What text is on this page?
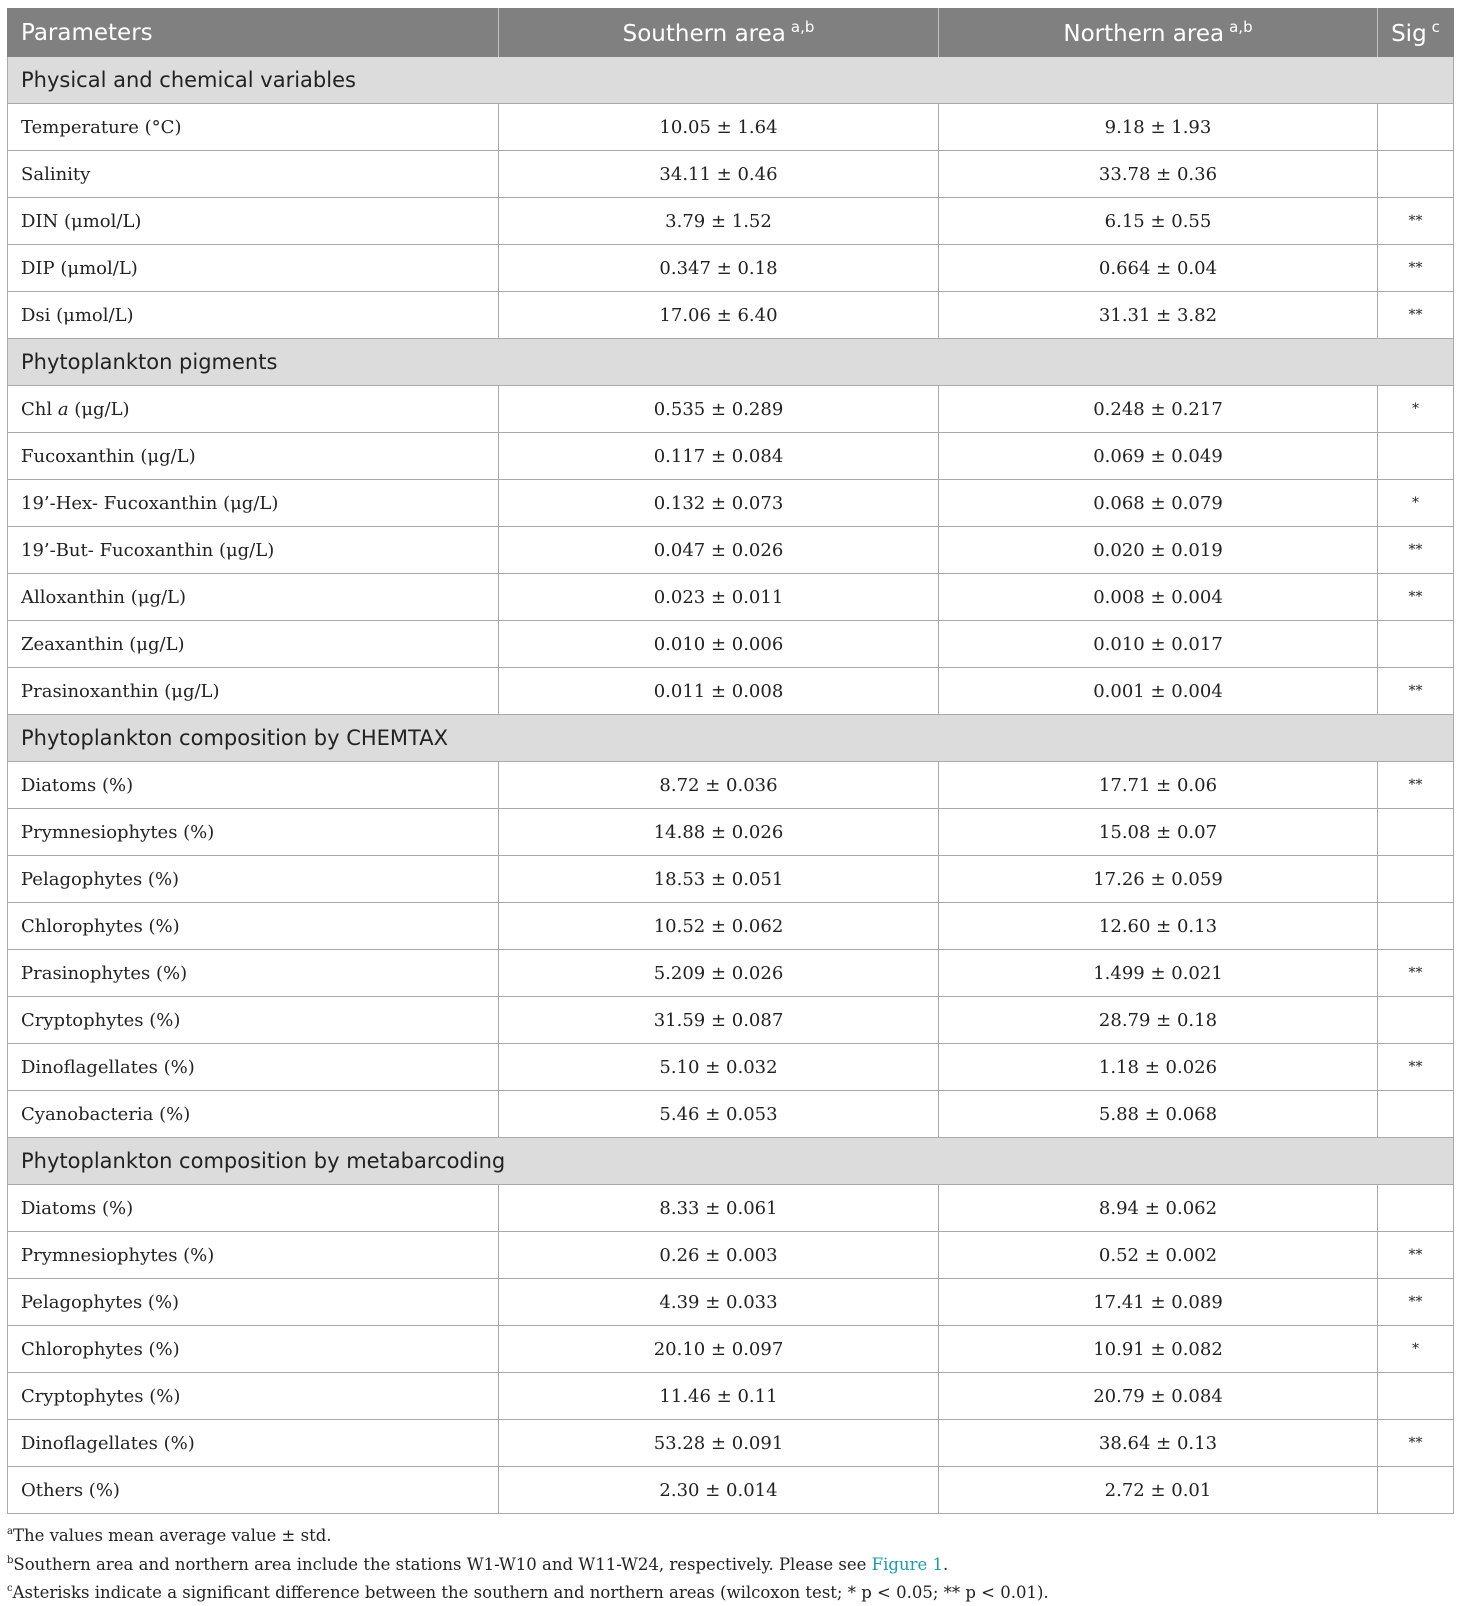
Parameters	Southern area $^{a,b}$	Northern area $^{a,b}$	Sig $^c$
Physical and chemical variables			
Temperature (°C)	10.05 ± 1.64	9.18 ± 1.93	
Salinity	34.11 ± 0.46	33.78 ± 0.36	
DIN (μmol/L)	3.79 ± 1.52	6.15 ± 0.55	**
DIP (μmol/L)	0.347 ± 0.18	0.664 ± 0.04	**
Dsi (μmol/L)	17.06 ± 6.40	31.31 ± 3.82	**
Phytoplankton pigments			
Chl a (μg/L)	0.535 ± 0.289	0.248 ± 0.217	*
Fucoxanthin (μg/L)	0.117 ± 0.084	0.069 ± 0.049	
19’-Hex- Fucoxanthin (μg/L)	0.132 ± 0.073	0.068 ± 0.079	*
19’-But- Fucoxanthin (μg/L)	0.047 ± 0.026	0.020 ± 0.019	**
Alloxanthin (μg/L)	0.023 ± 0.011	0.008 ± 0.004	**
Zeaxanthin (μg/L)	0.010 ± 0.006	0.010 ± 0.017	
Prasinoxanthin (μg/L)	0.011 ± 0.008	0.001 ± 0.004	**
Phytoplankton composition by CHEMTAX			
Diatoms (%)	8.72 ± 0.036	17.71 ± 0.06	**
Prymnesiophytes (%)	14.88 ± 0.026	15.08 ± 0.07	
Pelagophytes (%)	18.53 ± 0.051	17.26 ± 0.059	
Chlorophytes (%)	10.52 ± 0.062	12.60 ± 0.13	
Prasinophytes (%)	5.209 ± 0.026	1.499 ± 0.021	**
Cryptophytes (%)	31.59 ± 0.087	28.79 ± 0.18	
Dinoflagellates (%)	5.10 ± 0.032	1.18 ± 0.026	**
Cyanobacteria (%)	5.46 ± 0.053	5.88 ± 0.068	
Phytoplankton composition by metabarcoding			
Diatoms (%)	8.33 ± 0.061	8.94 ± 0.062	
Prymnesiophytes (%)	0.26 ± 0.003	0.52 ± 0.002	**
Pelagophytes (%)	4.39 ± 0.033	17.41 ± 0.089	**
Chlorophytes (%)	20.10 ± 0.097	10.91 ± 0.082	*
Cryptophytes (%)	11.46 ± 0.11	20.79 ± 0.084	
Dinoflagellates (%)	53.28 ± 0.091	38.64 ± 0.13	**
Others (%)	2.30 ± 0.014	2.72 ± 0.01	
$^a$The values mean average value ± std.
$^b$Southern area and northern area include the stations W1-W10 and W11-W24, respectively. Please see Figure 1.
$^c$Asterisks indicate a significant difference between the southern and northern areas (wilcoxon test; * p < 0.05; ** p < 0.01).
